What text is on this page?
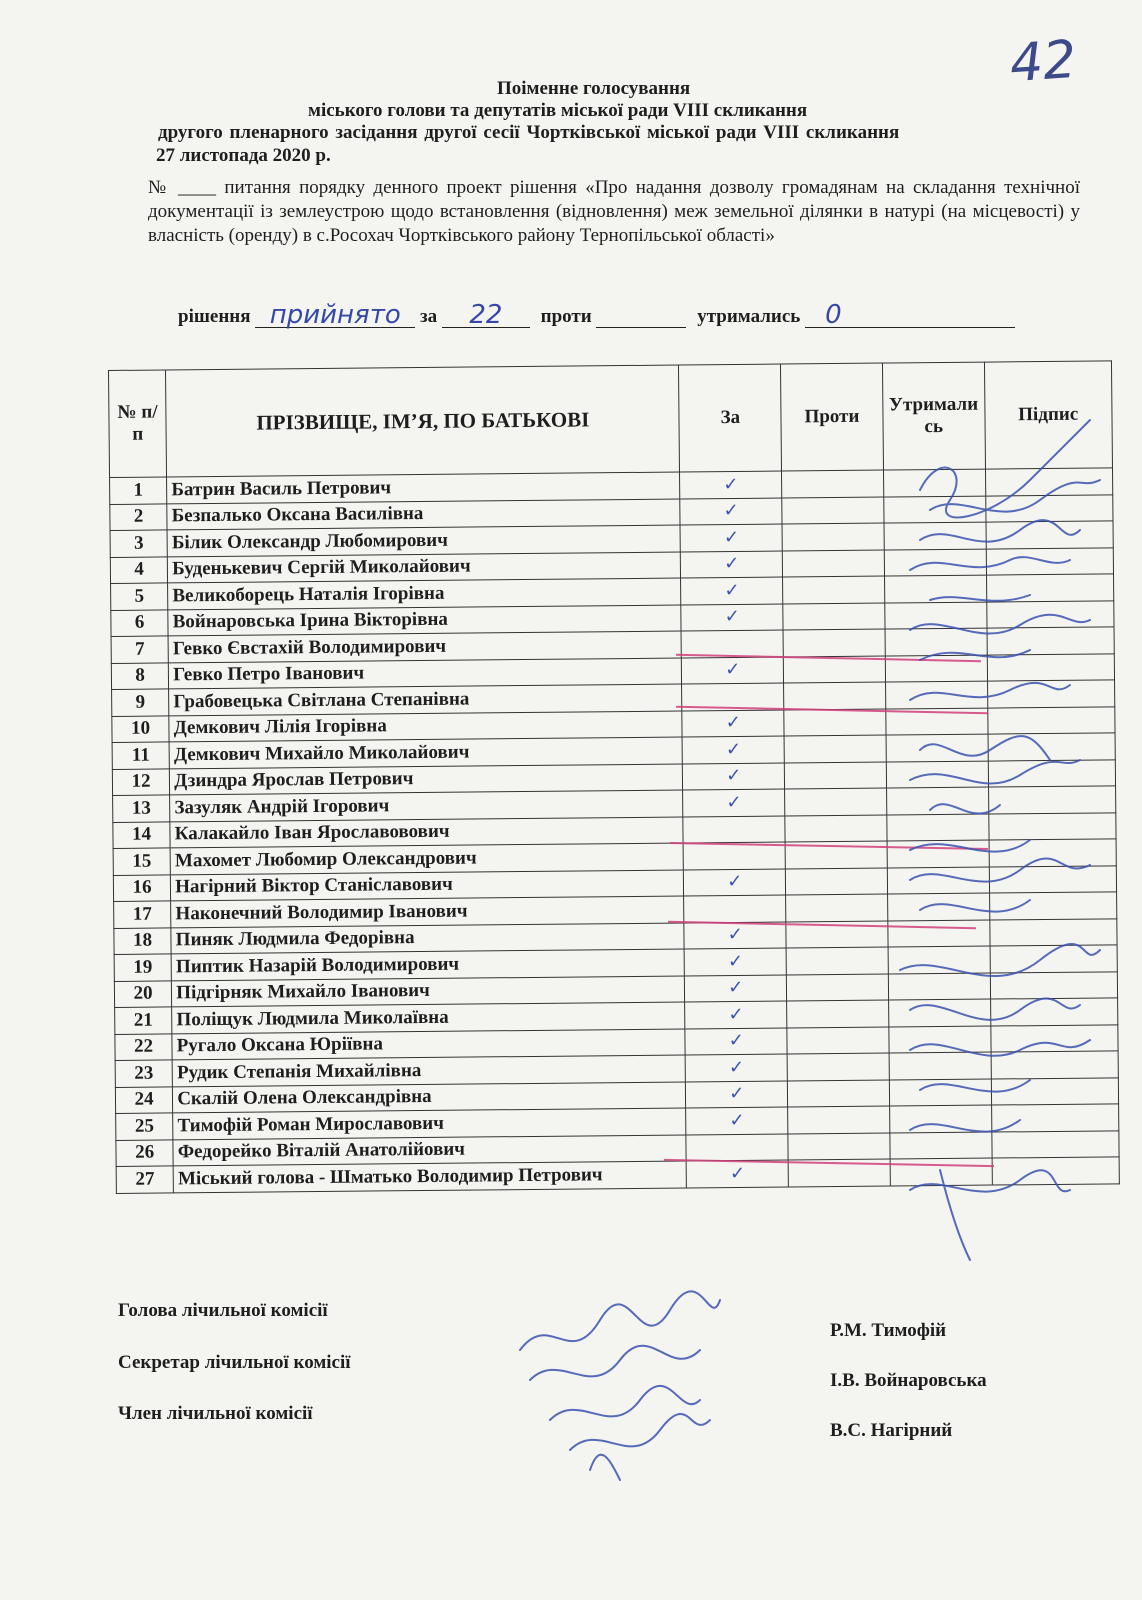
42
Поіменне голосування
міського голови та депутатів міської ради VIII скликання
другого пленарного засідання другої сесії Чортківської міської ради VIII скликання
27 листопада 2020 р.
№ ____ питання порядку денного проект рішення «Про надання дозволу громадянам на складання технічної документації із землеустрою щодо встановлення (відновлення) меж земельної ділянки в натурі (на місцевості) у власність (оренду) в с.Росохач Чортківського району Тернопільської області»
рішення прийнято за 22 проти	утримались 0
№ п/п	ПРІЗВИЩЕ, ІМ’Я, ПО БАТЬКОВІ	За	Проти	Утримались	Підпис
1	Батрин Василь Петрович	✓			
2	Безпалько Оксана Василівна	✓			
3	Білик Олександр Любомирович	✓			
4	Буденькевич Сергій Миколайович	✓			
5	Великоборець Наталія Ігорівна	✓			
6	Войнаровська Ірина Вікторівна	✓			
7	Гевко Євстахій Володимирович				
8	Гевко Петро Іванович	✓			
9	Грабовецька Світлана Степанівна				
10	Демкович Лілія Ігорівна	✓			
11	Демкович Михайло Миколайович	✓			
12	Дзиндра Ярослав Петрович	✓			
13	Зазуляк Андрій Ігорович	✓			
14	Калакайло Іван Ярославовович				
15	Махомет Любомир Олександрович				
16	Нагірний Віктор Станіславович	✓			
17	Наконечний Володимир Іванович				
18	Пиняк Людмила Федорівна	✓			
19	Пиптик Назарій Володимирович	✓			
20	Підгірняк Михайло Іванович	✓			
21	Поліщук Людмила Миколаївна	✓			
22	Ругало Оксана Юріївна	✓			
23	Рудик Степанія Михайлівна	✓			
24	Скалій Олена Олександрівна	✓			
25	Тимофій Роман Мирославович	✓			
26	Федорейко Віталій Анатолійович				
27	Міський голова - Шматько Володимир Петрович	✓			
Голова лічильної комісії
Р.М. Тимофій
Секретар лічильної комісії
І.В. Войнаровська
Член лічильної комісії
В.С. Нагірний
